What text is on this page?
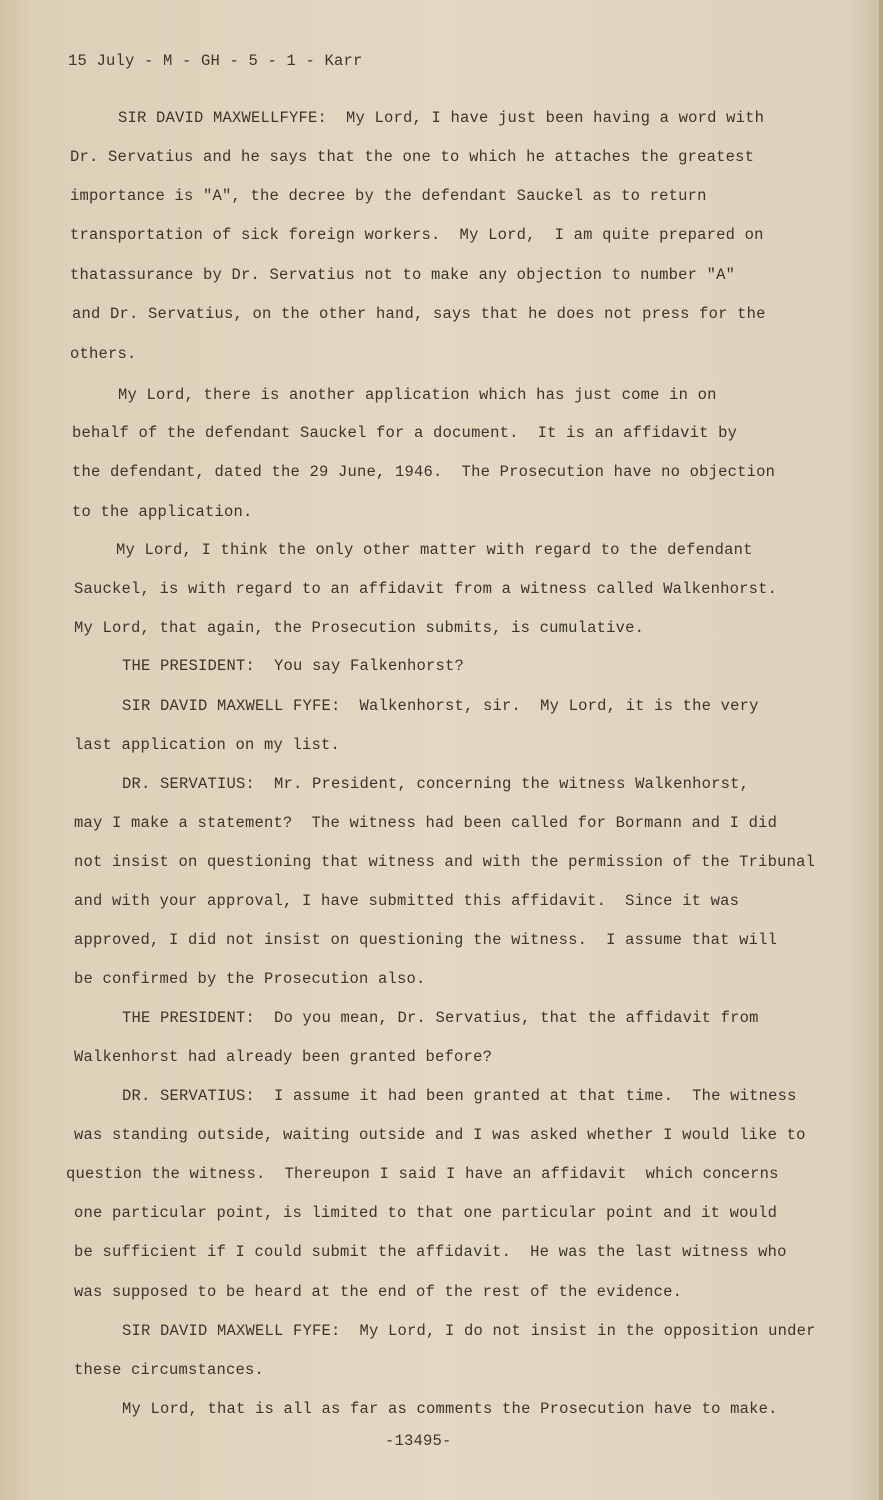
15 July - M - GH - 5 - 1 - Karr
SIR DAVID MAXWELLFYFE:  My Lord, I have just been having a word with
Dr. Servatius and he says that the one to which he attaches the greatest
importance is "A", the decree by the defendant Sauckel as to return
transportation of sick foreign workers.  My Lord,  I am quite prepared on
thatassurance by Dr. Servatius not to make any objection to number "A"
and Dr. Servatius, on the other hand, says that he does not press for the
others.
My Lord, there is another application which has just come in on
behalf of the defendant Sauckel for a document.  It is an affidavit by
the defendant, dated the 29 June, 1946.  The Prosecution have no objection
to the application.
My Lord, I think the only other matter with regard to the defendant
Sauckel, is with regard to an affidavit from a witness called Walkenhorst.
My Lord, that again, the Prosecution submits, is cumulative.
THE PRESIDENT:  You say Falkenhorst?
SIR DAVID MAXWELL FYFE:  Walkenhorst, sir.  My Lord, it is the very
last application on my list.
DR. SERVATIUS:  Mr. President, concerning the witness Walkenhorst,
may I make a statement?  The witness had been called for Bormann and I did
not insist on questioning that witness and with the permission of the Tribunal
and with your approval, I have submitted this affidavit.  Since it was
approved, I did not insist on questioning the witness.  I assume that will
be confirmed by the Prosecution also.
THE PRESIDENT:  Do you mean, Dr. Servatius, that the affidavit from
Walkenhorst had already been granted before?
DR. SERVATIUS:  I assume it had been granted at that time.  The witness
was standing outside, waiting outside and I was asked whether I would like to
question the witness.  Thereupon I said I have an affidavit  which concerns
one particular point, is limited to that one particular point and it would
be sufficient if I could submit the affidavit.  He was the last witness who
was supposed to be heard at the end of the rest of the evidence.
SIR DAVID MAXWELL FYFE:  My Lord, I do not insist in the opposition under
these circumstances.
My Lord, that is all as far as comments the Prosecution have to make.
-13495-
